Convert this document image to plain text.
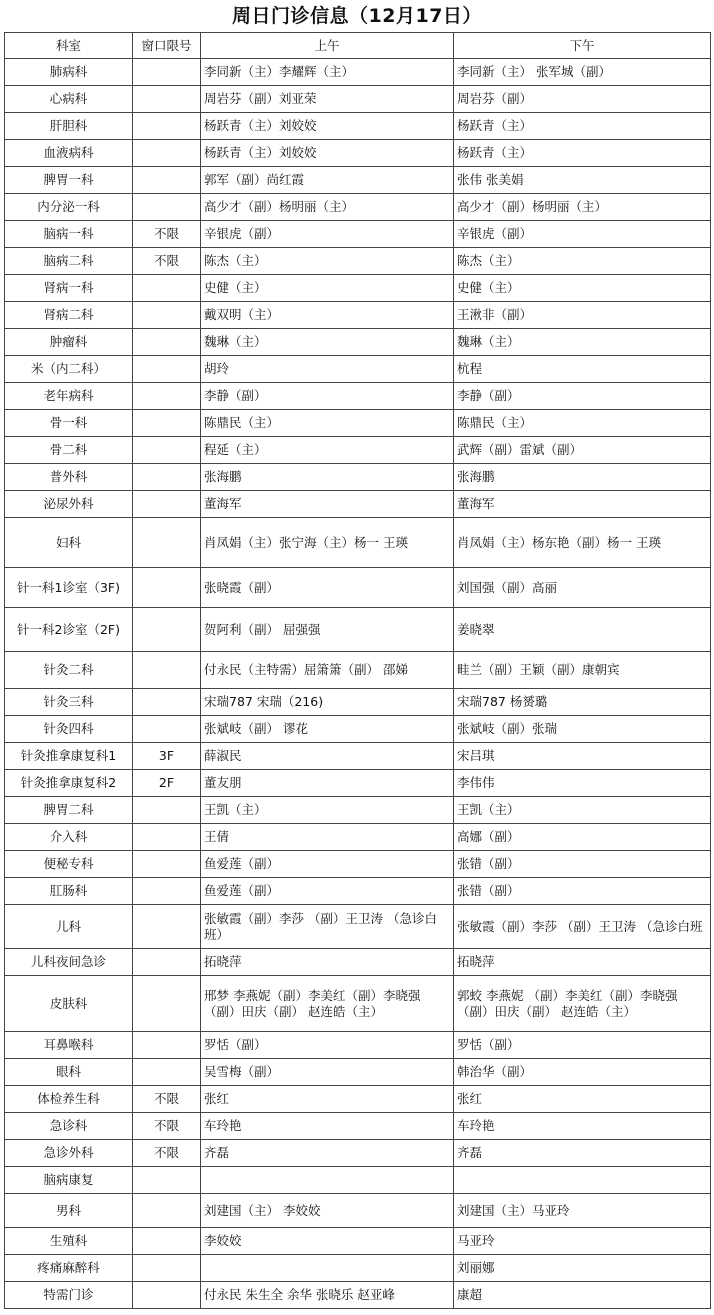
周日门诊信息（12月17日）
科室	窗口限号	上午	下午
肺病科		李同新（主）李耀辉（主）	李同新（主） 张军城（副）
心病科		周岩芬（副）刘亚荣	周岩芬（副）
肝胆科		杨跃青（主）刘姣姣	杨跃青（主）
血液病科		杨跃青（主）刘姣姣	杨跃青（主）
脾胃一科		郭军（副）尚红霞	张伟 张美娟
内分泌一科		高少才（副）杨明丽（主）	高少才（副）杨明丽（主）
脑病一科	不限	辛银虎（副）	辛银虎（副）
脑病二科	不限	陈杰（主）	陈杰（主）
肾病一科		史健（主）	史健（主）
肾病二科		戴双明（主）	王湫非（副）
肿瘤科		魏琳（主）	魏琳（主）
米（内二科）		胡玲	杭程
老年病科		李静（副）	李静（副）
骨一科		陈鼎民（主）	陈鼎民（主）
骨二科		程延（主）	武辉（副）雷斌（副）
普外科		张海鹏	张海鹏
泌尿外科		董海军	董海军
妇科		肖凤娟（主）张宁海（主）杨一 王瑛	肖凤娟（主）杨东艳（副）杨一 王瑛
针一科1诊室（3F)		张晓霞（副）	刘国强（副）高丽
针一科2诊室（2F)		贺阿利（副） 屈强强	姜晓翠
针灸二科		付永民（主特需）屈箫箫（副） 邵娣	畦兰（副）王颖（副）康朝宾
针灸三科		宋瑞787 宋瑞（216)	宋瑞787 杨赟璐
针灸四科		张斌岐（副） 谬花	张斌岐（副）张瑞
针灸推拿康复科1	3F	薛淑民	宋吕琪
针灸推拿康复科2	2F	董友朋	李伟伟
脾胃二科		王凯（主）	王凯（主）
介入科		王倩	高娜（副）
便秘专科		鱼爱莲（副）	张错（副）
肛肠科		鱼爱莲（副）	张错（副）
儿科		张敏霞（副）李莎 （副）王卫涛 （急诊白班）	张敏霞（副）李莎 （副）王卫涛 （急诊白班
儿科夜间急诊		拓晓萍	拓晓萍
皮肤科		邢梦 李燕妮（副）李美红（副）李晓强（副）田庆（副） 赵连皓（主）	郭蛟 李燕妮 （副）李美红（副）李晓强（副）田庆（副） 赵连皓（主）
耳鼻喉科		罗恬（副）	罗恬（副）
眼科		吴雪梅（副）	韩治华（副）
体检养生科	不限	张红	张红
急诊科	不限	车玲艳	车玲艳
急诊外科	不限	齐磊	齐磊
脑病康复			
男科		刘建国（主） 李姣姣	刘建国（主）马亚玲
生殖科		李姣姣	马亚玲
疼痛麻醉科			刘丽娜
特需门诊		付永民 朱生全 余华 张晓乐 赵亚峰	康超
